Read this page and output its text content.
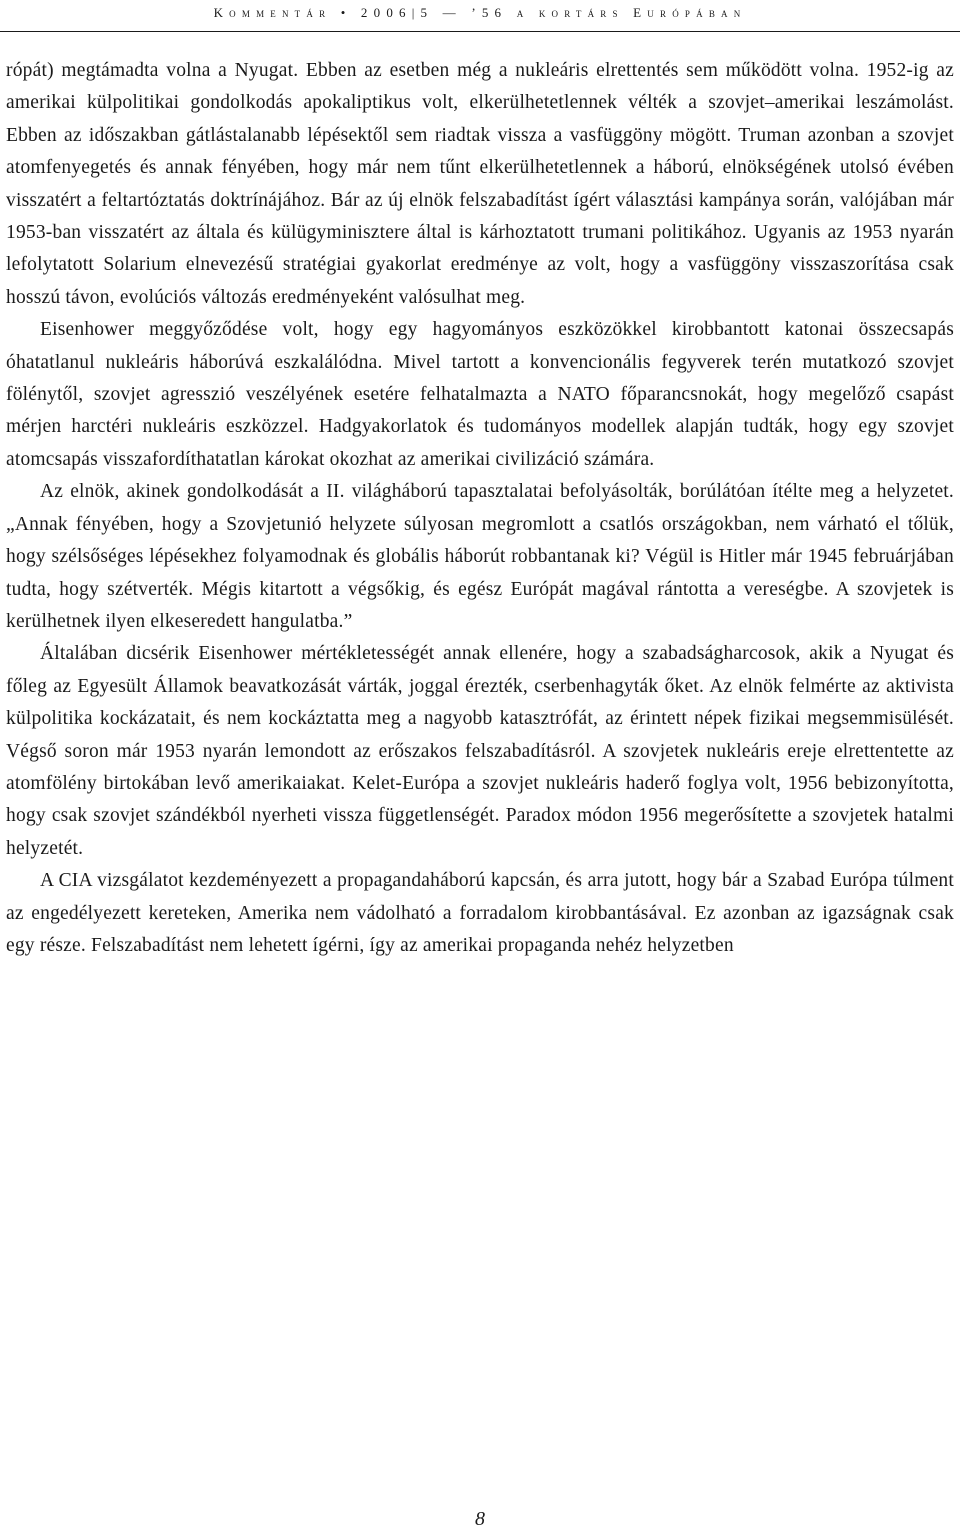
Kommentár • 2006|5 — ’56 a kortárs Európában

rópát) megtámadta volna a Nyugat. Ebben az esetben még a nukleáris elrettentés sem működött volna. 1952-ig az amerikai külpolitikai gondolkodás apokaliptikus volt, elkerülhetetlennek vélték a szovjet–amerikai leszámolást. Ebben az időszakban gátlástalanabb lépésektől sem riadtak vissza a vasfüggöny mögött. Truman azonban a szovjet atomfenyegetés és annak fényében, hogy már nem tűnt elkerülhetetlennek a háború, elnökségének utolsó évében visszatért a feltartóztatás doktrínájához. Bár az új elnök felszabadítást ígért választási kampánya során, valójában már 1953-ban visszatért az általa és külügyminisztere által is kárhoztatott trumani politikához. Ugyanis az 1953 nyarán lefolytatott Solarium elnevezésű stratégiai gyakorlat eredménye az volt, hogy a vasfüggöny visszaszorítása csak hosszú távon, evolúciós változás eredményeként valósulhat meg.

Eisenhower meggyőződése volt, hogy egy hagyományos eszközökkel kirobbantott katonai összecsapás óhatatlanul nukleáris háborúvá eszkalálódna. Mivel tartott a konvencionális fegyverek terén mutatkozó szovjet fölénytől, szovjet agresszió veszélyének esetére felhatalmazta a NATO főparancsnokát, hogy megelőző csapást mérjen harctéri nukleáris eszközzel. Hadgyakorlatok és tudományos modellek alapján tudták, hogy egy szovjet atomcsapás visszafordíthatatlan károkat okozhat az amerikai civilizáció számára.

Az elnök, akinek gondolkodását a II. világháború tapasztalatai befolyásolták, borúlátóan ítélte meg a helyzetet. „Annak fényében, hogy a Szovjetunió helyzete súlyosan megromlott a csatlós országokban, nem várható el tőlük, hogy szélsőséges lépésekhez folyamodnak és globális háborút robbantanak ki? Végül is Hitler már 1945 februárjában tudta, hogy szétverték. Mégis kitartott a végsőkig, és egész Európát magával rántotta a vereségbe. A szovjetek is kerülhetnek ilyen elkeseredett hangulatba.”

Általában dicsérik Eisenhower mértékletességét annak ellenére, hogy a szabadságharcosok, akik a Nyugat és főleg az Egyesült Államok beavatkozását várták, joggal érezték, cserbenhagyták őket. Az elnök felmérte az aktivista külpolitika kockázatait, és nem kockáztatta meg a nagyobb katasztrófát, az érintett népek fizikai megsemmisülését. Végső soron már 1953 nyarán lemondott az erőszakos felszabadításról. A szovjetek nukleáris ereje elrettentette az atomfölény birtokában levő amerikaiakat. Kelet-Európa a szovjet nukleáris haderő foglya volt, 1956 bebizonyította, hogy csak szovjet szándékból nyerheti vissza függetlenségét. Paradox módon 1956 megerősítette a szovjetek hatalmi helyzetét.

A CIA vizsgálatot kezdeményezett a propagandaháború kapcsán, és arra jutott, hogy bár a Szabad Európa túlment az engedélyezett kereteken, Amerika nem vádolható a forradalom kirobbantásával. Ez azonban az igazságnak csak egy része. Felszabadítást nem lehetett ígérni, így az amerikai propaganda nehéz helyzetben

8
